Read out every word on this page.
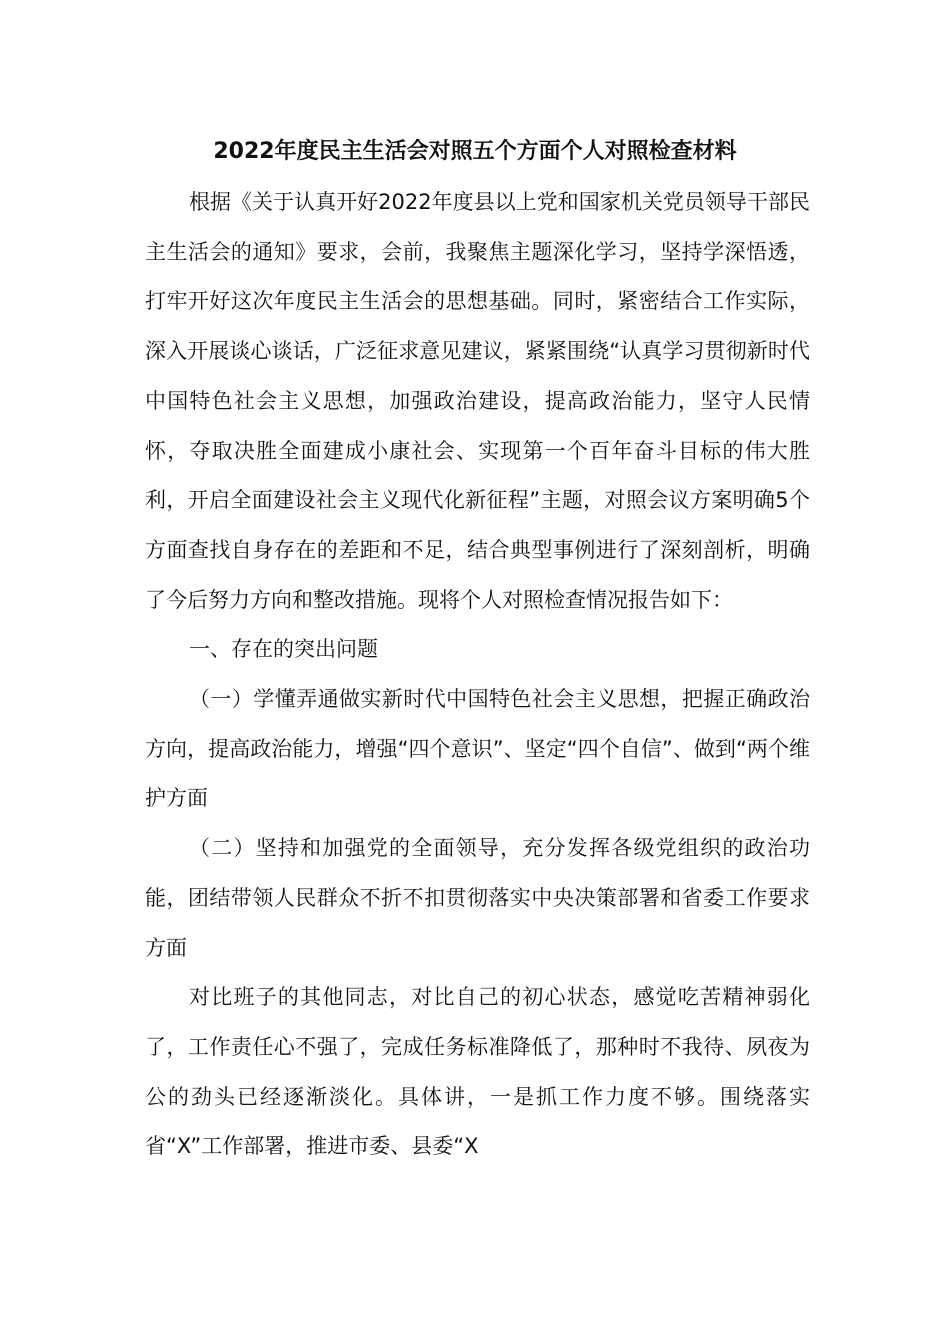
2022年度民主生活会对照五个方面个人对照检查材料

根据《关于认真开好2022年度县以上党和国家机关党员领导干部民主生活会的通知》要求，会前，我聚焦主题深化学习，坚持学深悟透，打牢开好这次年度民主生活会的思想基础。同时，紧密结合工作实际，深入开展谈心谈话，广泛征求意见建议，紧紧围绕“认真学习贯彻新时代中国特色社会主义思想，加强政治建设，提高政治能力，坚守人民情怀，夺取决胜全面建成小康社会、实现第一个百年奋斗目标的伟大胜利，开启全面建设社会主义现代化新征程”主题，对照会议方案明确5个方面查找自身存在的差距和不足，结合典型事例进行了深刻剖析，明确了今后努力方向和整改措施。现将个人对照检查情况报告如下：

一、存在的突出问题

（一）学懂弄通做实新时代中国特色社会主义思想，把握正确政治方向，提高政治能力，增强“四个意识”、坚定“四个自信”、做到“两个维护方面

（二）坚持和加强党的全面领导，充分发挥各级党组织的政治功能，团结带领人民群众不折不扣贯彻落实中央决策部署和省委工作要求方面

对比班子的其他同志，对比自己的初心状态，感觉吃苦精神弱化了，工作责任心不强了，完成任务标准降低了，那种时不我待、夙夜为公的劲头已经逐渐淡化。具体讲，一是抓工作力度不够。围绕落实省“X”工作部署，推进市委、县委“X
